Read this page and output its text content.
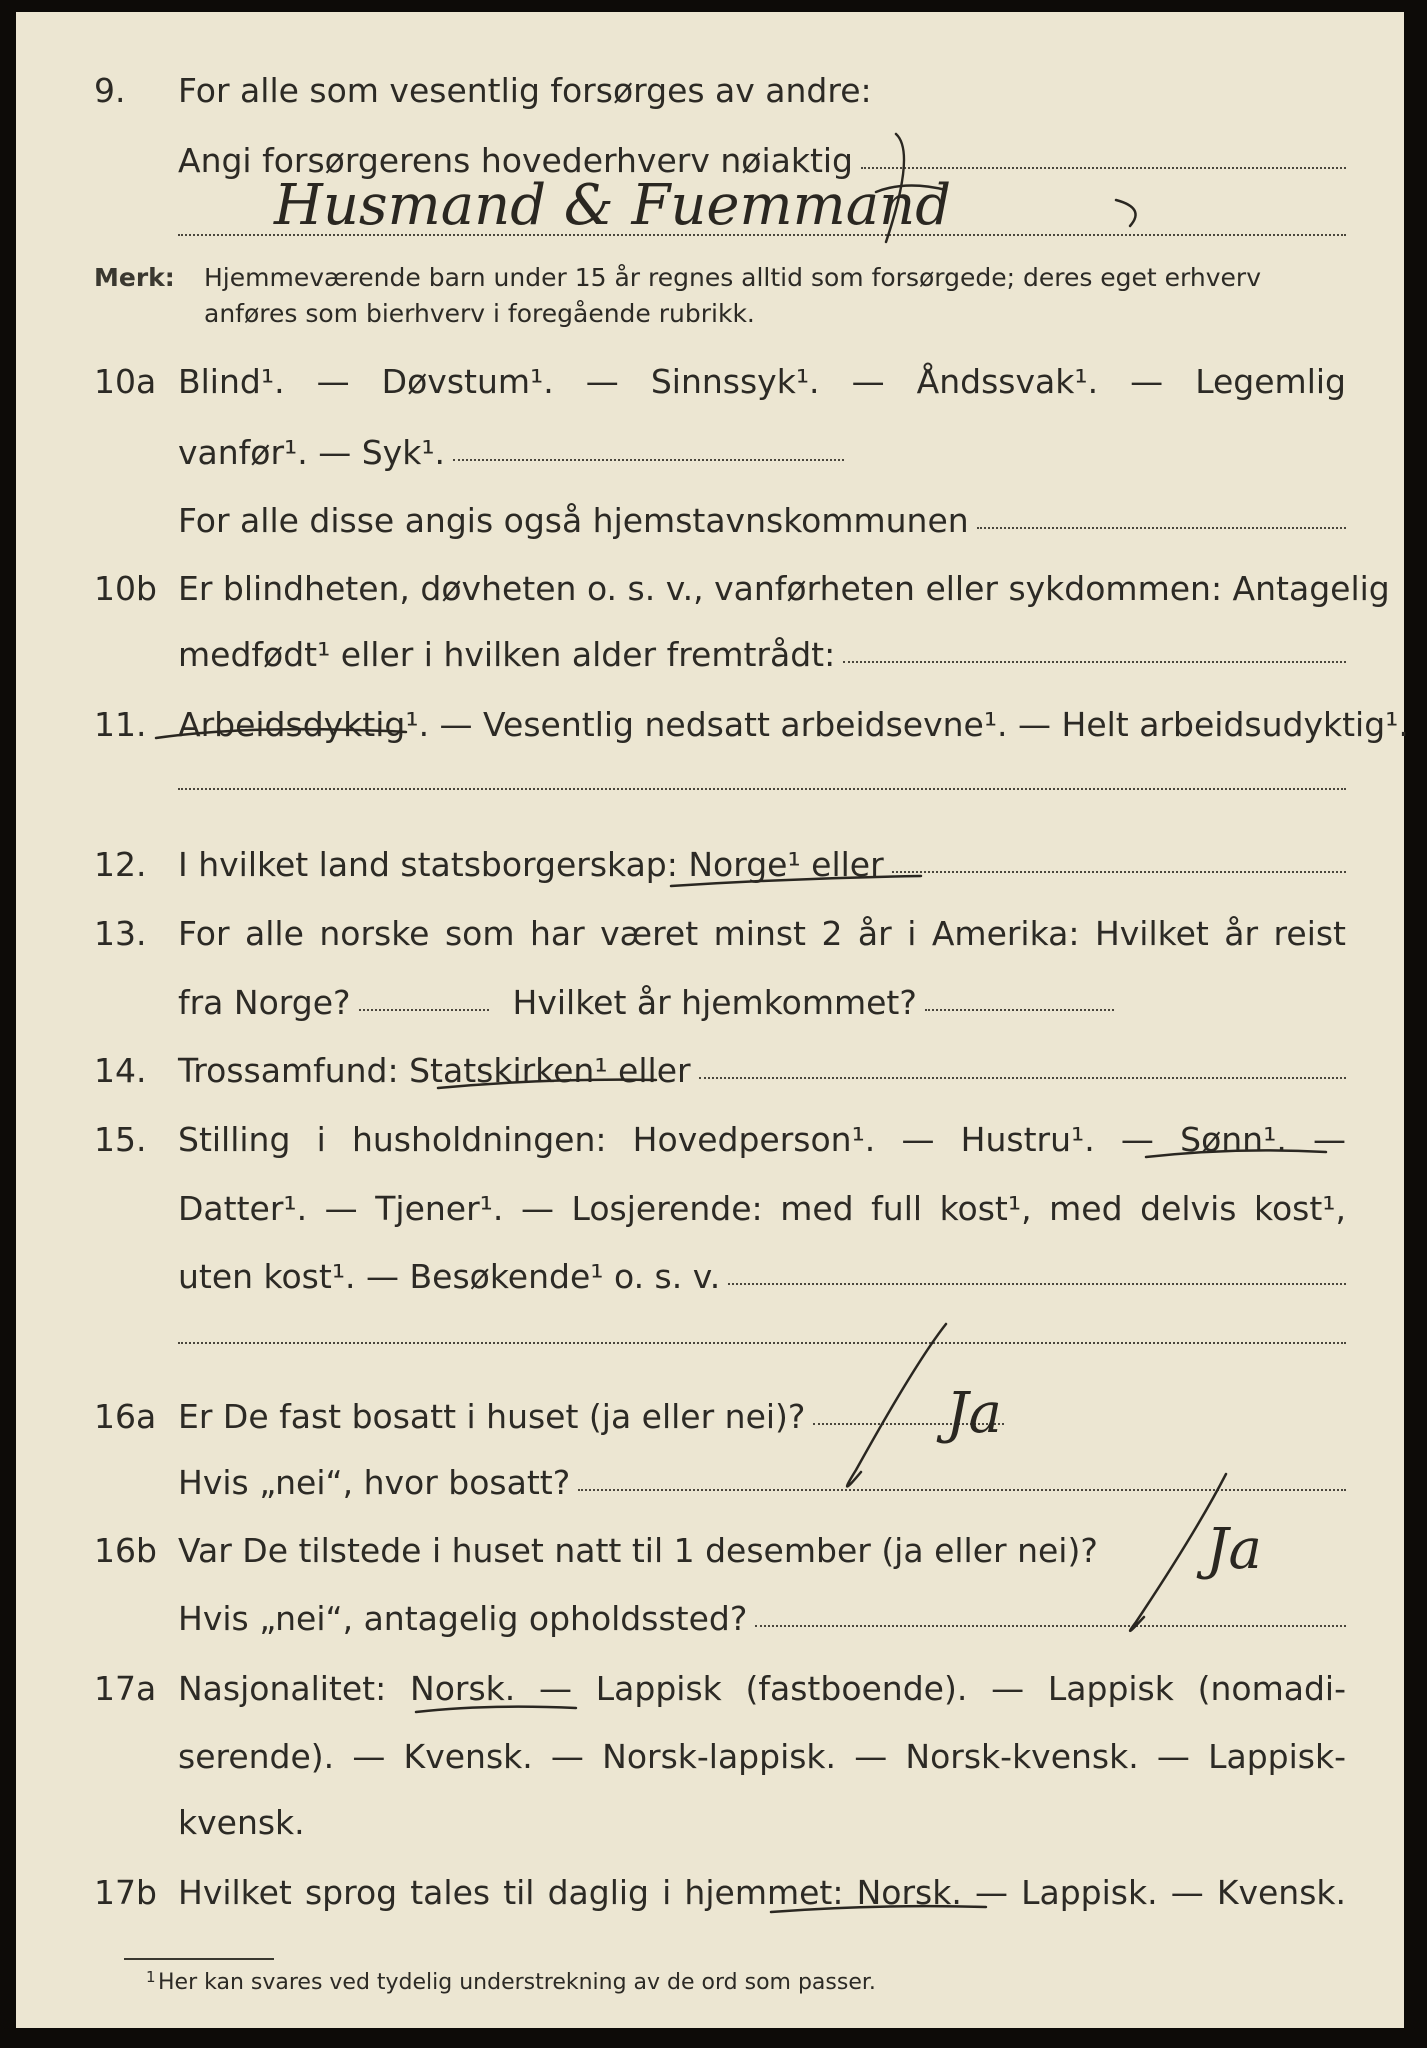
9. For alle som vesentlig forsørges av andre:
Angi forsørgerens hovederhverv nøiaktig
Merk: Hjemmeværende barn under 15 år regnes alltid som forsørgede; deres eget erhverv
anføres som bierhverv i foregående rubrikk.
10a Blind¹. — Døvstum¹. — Sinnssyk¹. — Åndssvak¹. — Legemlig
vanfør¹. — Syk¹.
For alle disse angis også hjemstavnskommunen
10b Er blindheten, døvheten o. s. v., vanførheten eller sykdommen: Antagelig
medfødt¹ eller i hvilken alder fremtrådt:
11. Arbeidsdyktig¹. — Vesentlig nedsatt arbeidsevne¹. — Helt arbeidsudyktig¹.
12. I hvilket land statsborgerskap: Norge¹ eller
13. For alle norske som har været minst 2 år i Amerika: Hvilket år reist
fra Norge?	Hvilket år hjemkommet?
14. Trossamfund: Statskirken¹ eller
15. Stilling i husholdningen: Hovedperson¹. — Hustru¹. — Sønn¹. —
Datter¹. — Tjener¹. — Losjerende: med full kost¹, med delvis kost¹,
uten kost¹. — Besøkende¹ o. s. v.
16a Er De fast bosatt i huset (ja eller nei)?
Hvis „nei“, hvor bosatt?
16b Var De tilstede i huset natt til 1 desember (ja eller nei)?
Hvis „nei“, antagelig opholdssted?
17a Nasjonalitet: Norsk. — Lappisk (fastboende). — Lappisk (nomadi-
serende). — Kvensk. — Norsk-lappisk. — Norsk-kvensk. — Lappisk-
kvensk.
17b Hvilket sprog tales til daglig i hjemmet: Norsk. — Lappisk. — Kvensk.
1 Her kan svares ved tydelig understrekning av de ord som passer.
Husmand & Fuemmand
Ja
Ja
